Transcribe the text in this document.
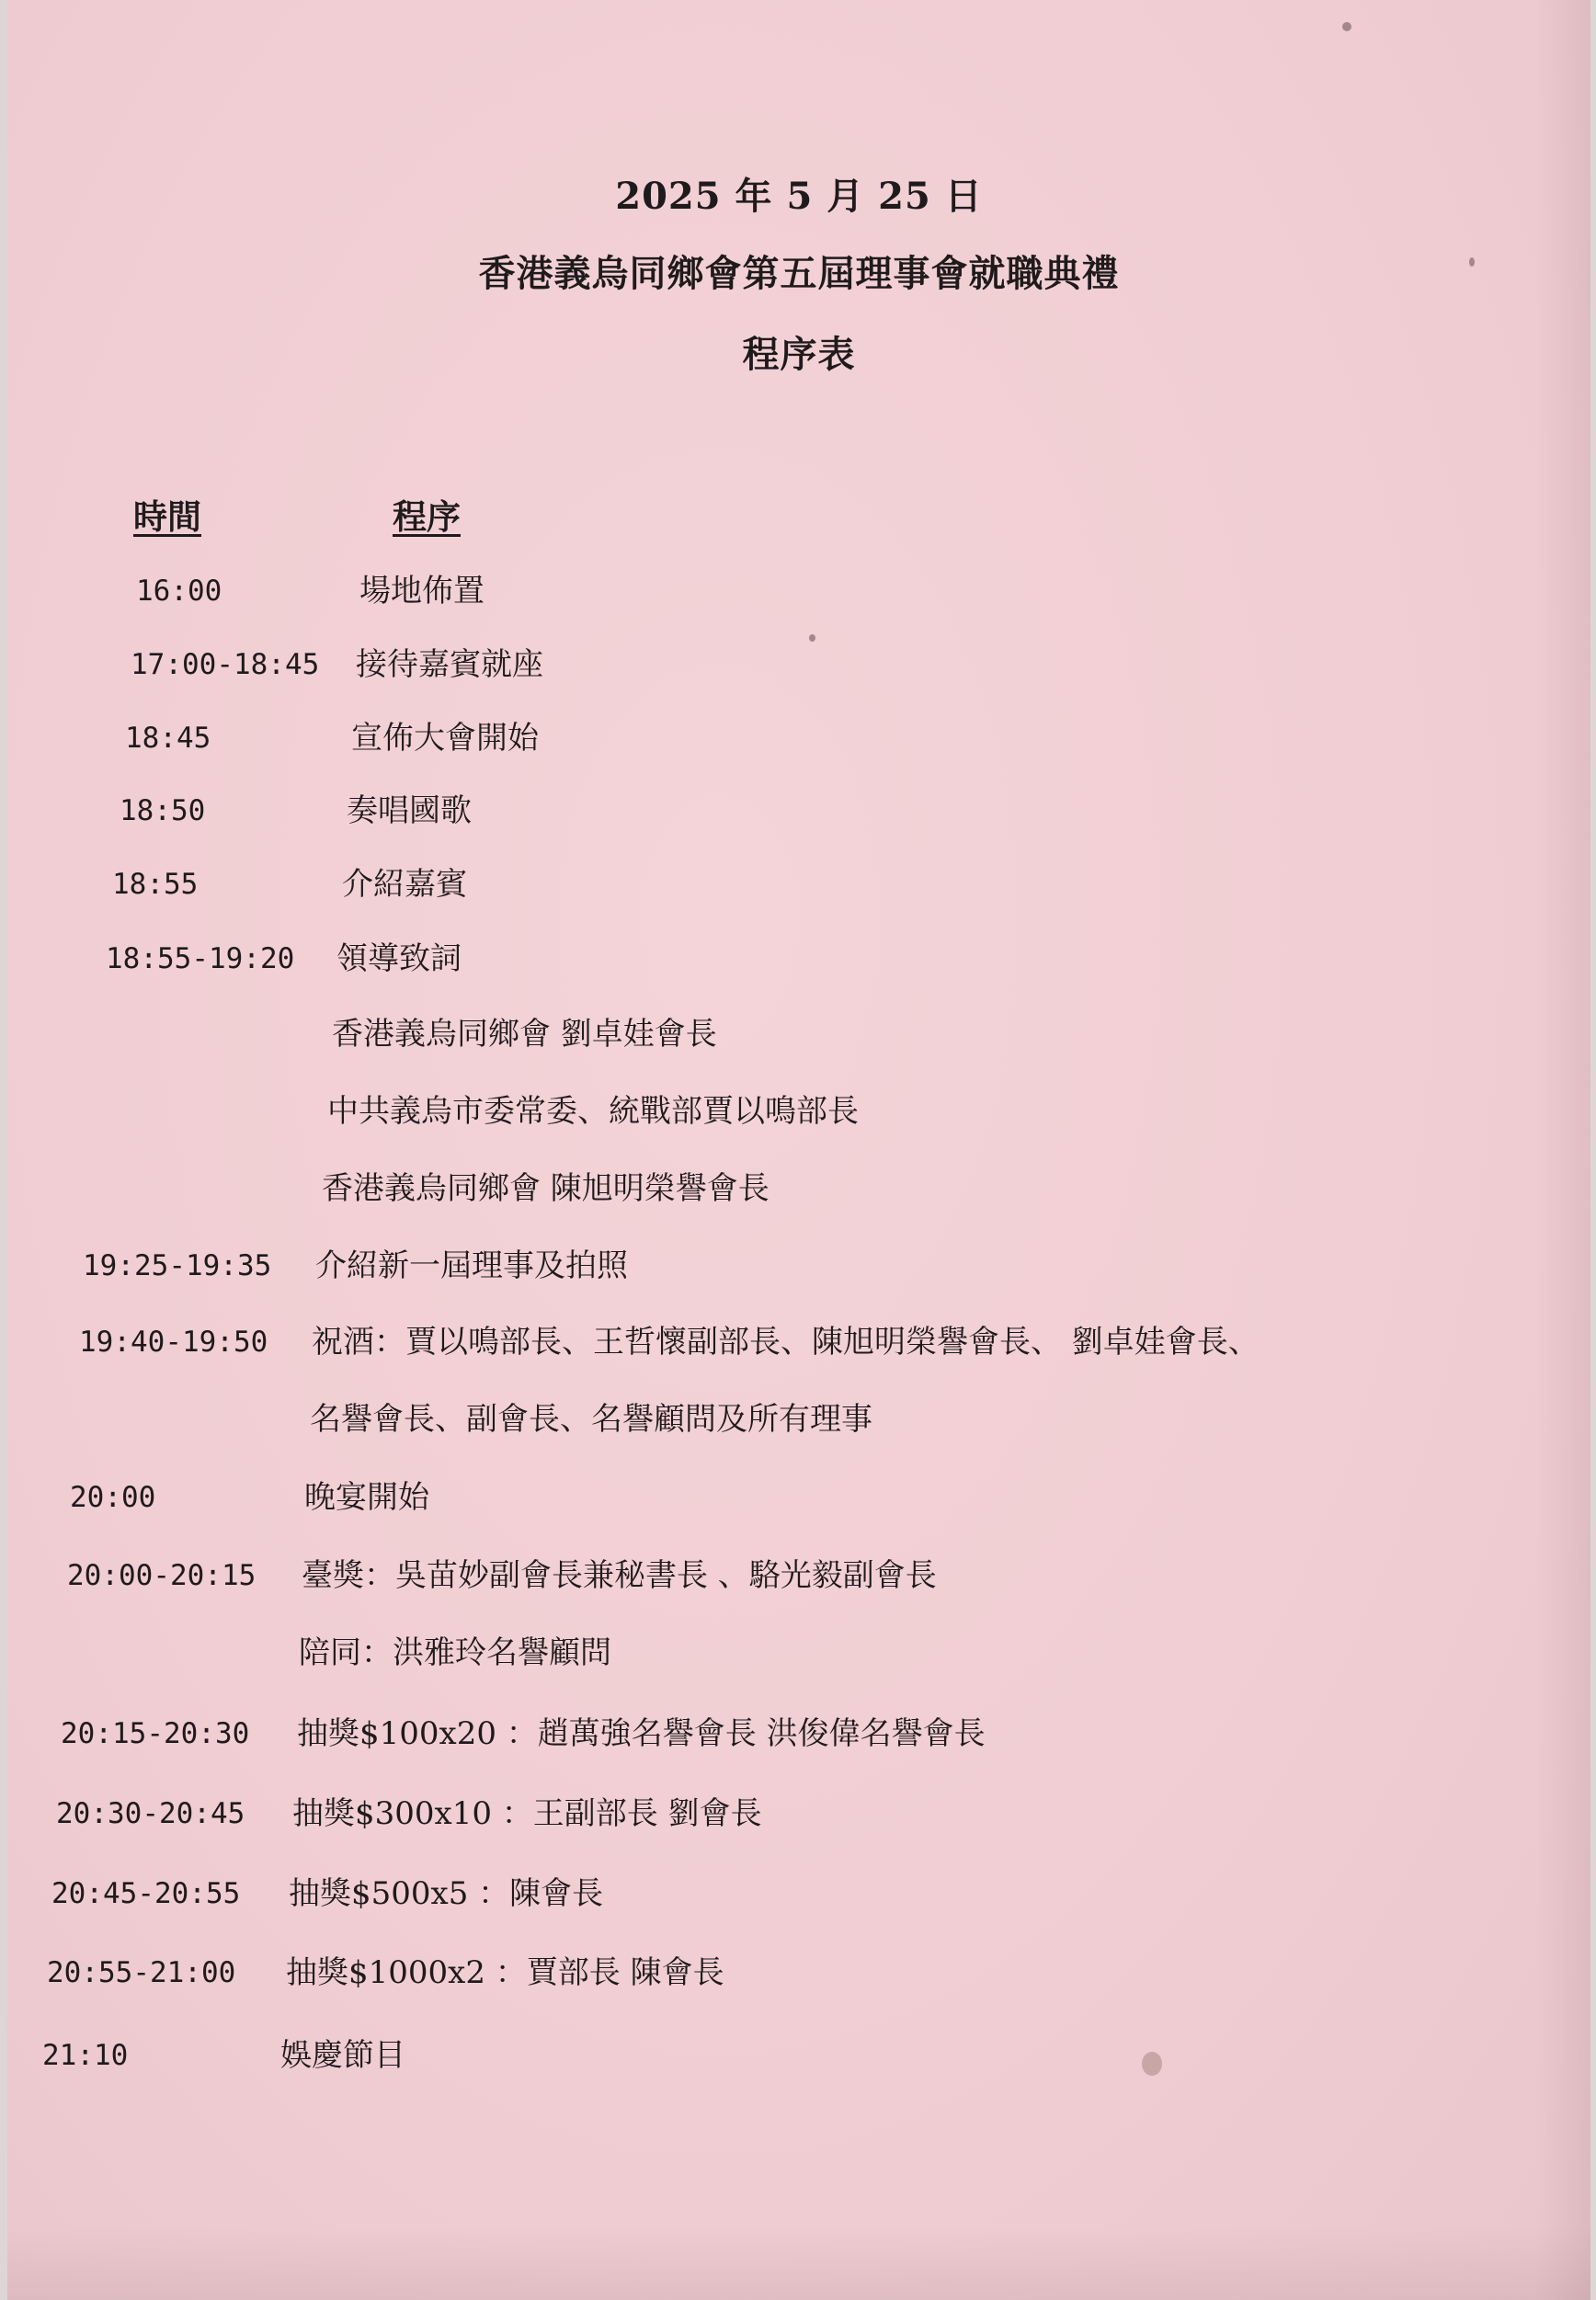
2025 年 5 月 25 日
香港義烏同鄉會第五屆理事會就職典禮
程序表
時間	程序
16:00	場地佈置
17:00-18:45 接待嘉賓就座
18:45	宣佈大會開始
18:50	奏唱國歌
18:55	介紹嘉賓
18:55-19:20 領導致詞
香港義烏同鄉會 劉卓娃會長
中共義烏市委常委、統戰部賈以鳴部長
香港義烏同鄉會 陳旭明榮譽會長
19:25-19:35 介紹新一屆理事及拍照
19:40-19:50 祝酒：賈以鳴部長、王哲懷副部長、陳旭明榮譽會長、 劉卓娃會長、
名譽會長、副會長、名譽顧問及所有理事
20:00	晚宴開始
20:00-20:15 臺獎：吳苗妙副會長兼秘書長 、駱光毅副會長
陪同：洪雅玲名譽顧問
20:15-20:30 抽獎$100x20 ：趙萬強名譽會長 洪俊偉名譽會長
20:30-20:45 抽獎$300x10 ：王副部長 劉會長
20:45-20:55 抽獎$500x5 ：陳會長
20:55-21:00 抽獎$1000x2 ：賈部長 陳會長
21:10	娛慶節目
